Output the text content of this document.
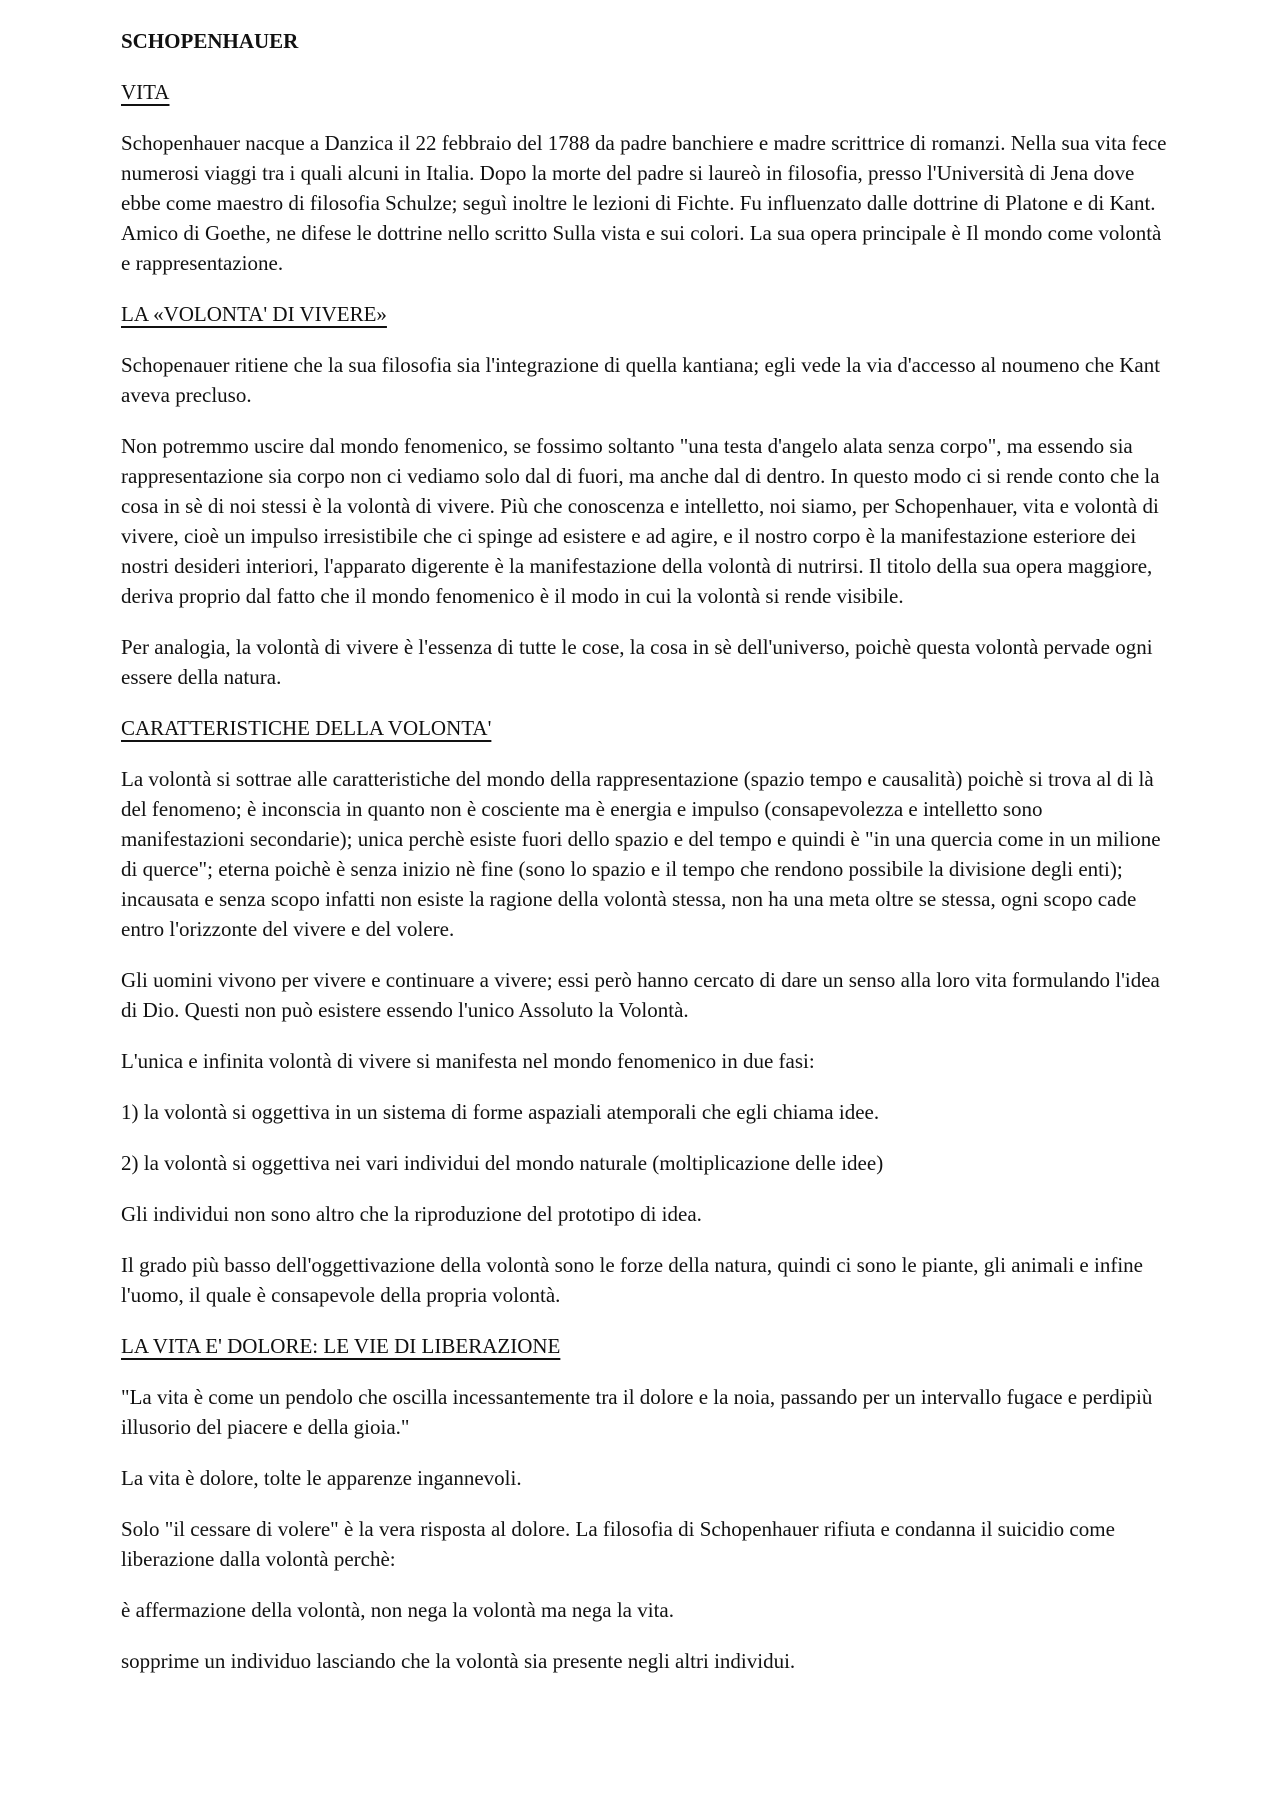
SCHOPENHAUER
VITA

Schopenhauer nacque a Danzica il 22 febbraio del 1788 da padre banchiere e madre scrittrice di romanzi. Nella sua vita fece numerosi viaggi tra i quali alcuni in Italia. Dopo la morte del padre si laureò in filosofia, presso l'Università di Jena dove ebbe come maestro di filosofia Schulze; seguì inoltre le lezioni di Fichte. Fu influenzato dalle dottrine di Platone e di Kant. Amico di Goethe, ne difese le dottrine nello scritto Sulla vista e sui colori. La sua opera principale è Il mondo come volontà e rappresentazione.

LA «VOLONTA' DI VIVERE»

Schopenauer ritiene che la sua filosofia sia l'integrazione di quella kantiana; egli vede la via d'accesso al noumeno che Kant aveva precluso.

Non potremmo uscire dal mondo fenomenico, se fossimo soltanto "una testa d'angelo alata senza corpo", ma essendo sia rappresentazione sia corpo non ci vediamo solo dal di fuori, ma anche dal di dentro. In questo modo ci si rende conto che la cosa in sè di noi stessi è la volontà di vivere. Più che conoscenza e intelletto, noi siamo, per Schopenhauer, vita e volontà di vivere, cioè un impulso irresistibile che ci spinge ad esistere e ad agire, e il nostro corpo è la manifestazione esteriore dei nostri desideri interiori, l'apparato digerente è la manifestazione della volontà di nutrirsi. Il titolo della sua opera maggiore, deriva proprio dal fatto che il mondo fenomenico è il modo in cui la volontà si rende visibile.

Per analogia, la volontà di vivere è l'essenza di tutte le cose, la cosa in sè dell'universo, poichè questa volontà pervade ogni essere della natura.

CARATTERISTICHE DELLA VOLONTA'

La volontà si sottrae alle caratteristiche del mondo della rappresentazione (spazio tempo e causalità) poichè si trova al di là del fenomeno; è inconscia in quanto non è cosciente ma è energia e impulso (consapevolezza e intelletto sono manifestazioni secondarie); unica perchè esiste fuori dello spazio e del tempo e quindi è "in una quercia come in un milione di querce"; eterna poichè è senza inizio nè fine (sono lo spazio e il tempo che rendono possibile la divisione degli enti); incausata e senza scopo infatti non esiste la ragione della volontà stessa, non ha una meta oltre se stessa, ogni scopo cade entro l'orizzonte del vivere e del volere.

Gli uomini vivono per vivere e continuare a vivere; essi però hanno cercato di dare un senso alla loro vita formulando l'idea di Dio. Questi non può esistere essendo l'unico Assoluto la Volontà.

L'unica e infinita volontà di vivere si manifesta nel mondo fenomenico in due fasi:

1) la volontà si oggettiva in un sistema di forme aspaziali atemporali che egli chiama idee.

2) la volontà si oggettiva nei vari individui del mondo naturale (moltiplicazione delle idee)

Gli individui non sono altro che la riproduzione del prototipo di idea.

Il grado più basso dell'oggettivazione della volontà sono le forze della natura, quindi ci sono le piante, gli animali e infine l'uomo, il quale è consapevole della propria volontà.

LA VITA E' DOLORE: LE VIE DI LIBERAZIONE

"La vita è come un pendolo che oscilla incessantemente tra il dolore e la noia, passando per un intervallo fugace e perdipiù illusorio del piacere e della gioia."

La vita è dolore, tolte le apparenze ingannevoli.

Solo "il cessare di volere" è la vera risposta al dolore. La filosofia di Schopenhauer rifiuta e condanna il suicidio come liberazione dalla volontà perchè:

è affermazione della volontà, non nega la volontà ma nega la vita.

sopprime un individuo lasciando che la volontà sia presente negli altri individui.
